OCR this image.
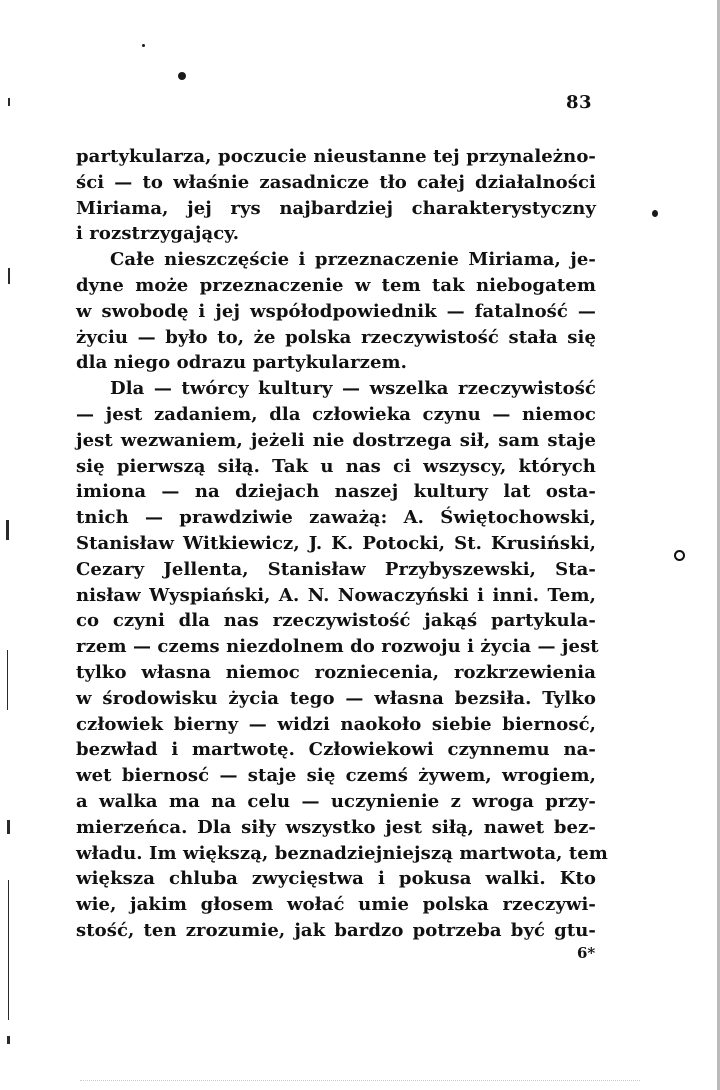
83
partykularza, poczucie nieustanne tej przynależno-
ści — to właśnie zasadnicze tło całej działalności
Miriama, jej rys najbardziej charakterystyczny
i rozstrzygający.
Całe nieszczęście i przeznaczenie Miriama, je-
dyne może przeznaczenie w tem tak niebogatem
w swobodę i jej współodpowiednik — fatalność —
życiu — było to, że polska rzeczywistość stała się
dla niego odrazu partykularzem.
Dla — twórcy kultury — wszelka rzeczywistość
— jest zadaniem, dla człowieka czynu — niemoc
jest wezwaniem, jeżeli nie dostrzega sił, sam staje
się pierwszą siłą. Tak u nas ci wszyscy, których
imiona — na dziejach naszej kultury lat osta-
tnich — prawdziwie zaważą: A. Świętochowski,
Stanisław Witkiewicz, J. K. Potocki, St. Krusiński,
Cezary Jellenta, Stanisław Przybyszewski, Sta-
nisław Wyspiański, A. N. Nowaczyński i inni. Tem,
co czyni dla nas rzeczywistość jakąś partykula-
rzem — czems niezdolnem do rozwoju i życia — jest
tylko własna niemoc rozniecenia, rozkrzewienia
w środowisku życia tego — własna bezsiła. Tylko
człowiek bierny — widzi naokoło siebie biernosć,
bezwład i martwotę. Człowiekowi czynnemu na-
wet biernosć — staje się czemś żywem, wrogiem,
a walka ma na celu — uczynienie z wroga przy-
mierzeńca. Dla siły wszystko jest siłą, nawet bez-
władu. Im większą, beznadziejniejszą martwota, tem
większa chluba zwycięstwa i pokusa walki. Kto
wie, jakim głosem wołać umie polska rzeczywi-
stość, ten zrozumie, jak bardzo potrzeba być gtu-
6*
